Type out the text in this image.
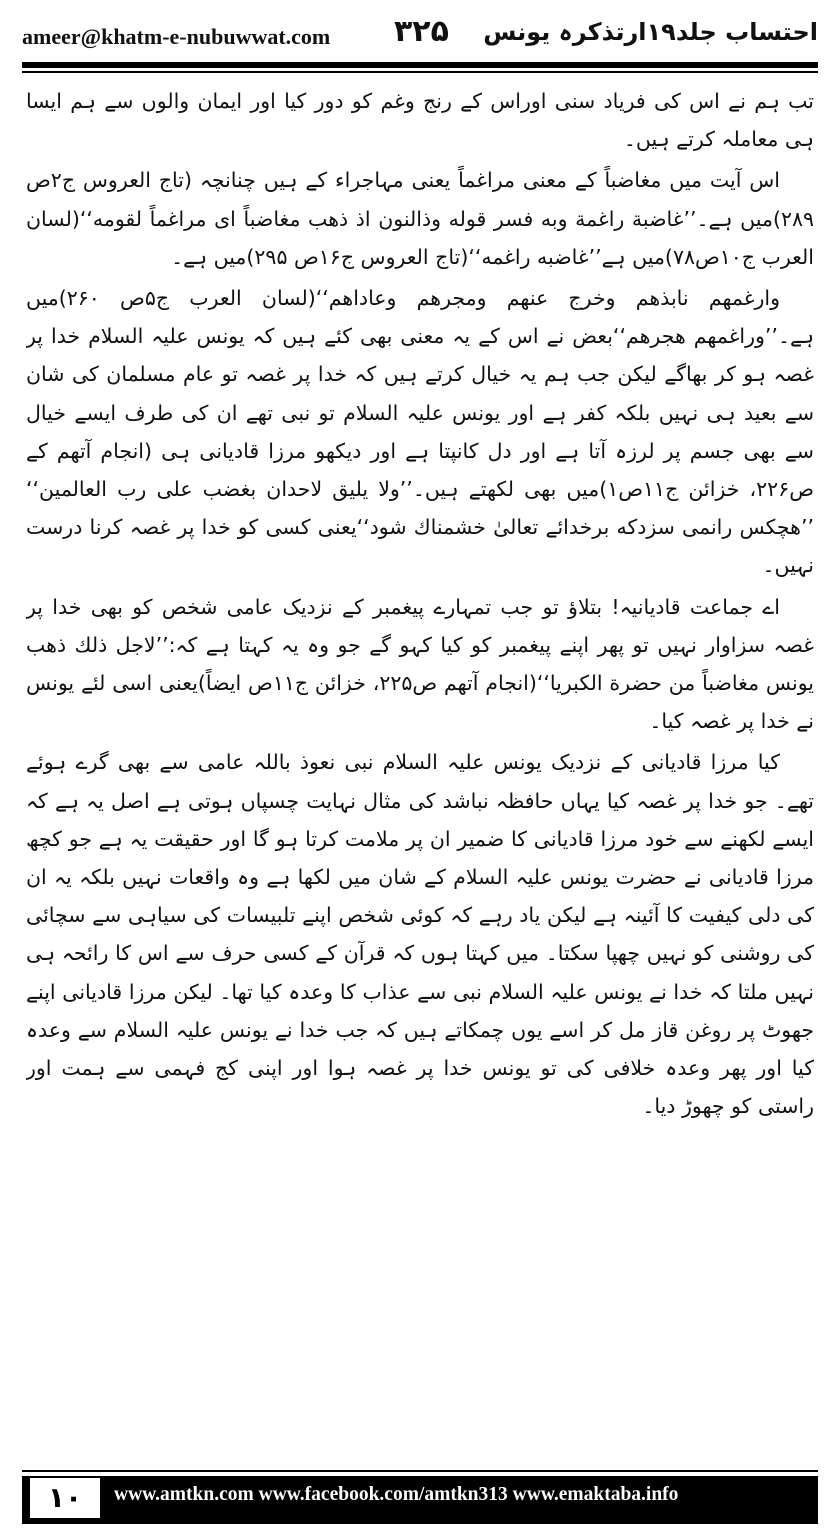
ameer@khatm-e-nubuwwat.com ۳۲۵ احتساب جلد۱۹ارتذکرہ یونس

تب ہم نے اس کی فریاد سنی اوراس کے رنج وغم کو دور کیا اور ایمان والوں سے ہم ایسا ہی معاملہ کرتے ہیں۔

اس آیت میں مغاضباً کے معنی مراغماً یعنی مہاجراء کے ہیں چنانچہ (تاج العروس ج۲ص ۲۸۹)میں ہے۔’’غاضبة راغمة وبه فسر قوله وذالنون اذ ذهب مغاضباً ای مراغماً لقومه‘‘(لسان العرب ج۱۰ص۷۸)میں ہے’’غاضبه راغمه‘‘(تاج العروس ج۱۶ص ۲۹۵)میں ہے۔

وارغمهم نابذهم وخرج عنهم ومجرهم وعاداهم‘‘(لسان العرب ج۵ص ۲۶۰)میں ہے۔’’وراغمهم هجرهم‘‘بعض نے اس کے یہ معنی بھی کئے ہیں کہ یونس علیہ السلام خدا پر غصہ ہو کر بھاگے لیکن جب ہم یہ خیال کرتے ہیں کہ خدا پر غصہ تو عام مسلمان کی شان سے بعید ہی نہیں بلکہ کفر ہے اور یونس علیہ السلام تو نبی تھے ان کی طرف ایسے خیال سے بھی جسم پر لرزہ آتا ہے اور دل کانپتا ہے اور دیکھو مرزا قادیانی ہی (انجام آتھم کے ص۲۲۶، خزائن ج۱۱ص۱)میں بھی لکھتے ہیں۔’’ولا یلیق لاحدان بغضب علی رب العالمین‘‘ ’’هچکس رانمی سزدکه برخدائے تعالیٰ خشمناك شود‘‘یعنی کسی کو خدا پر غصہ کرنا درست نہیں۔

اے جماعت قادیانیہ! بتلاؤ تو جب تمہارے پیغمبر کے نزدیک عامی شخص کو بھی خدا پر غصہ سزاوار نہیں تو پھر اپنے پیغمبر کو کیا کہو گے جو وہ یہ کہتا ہے کہ:’’لاجل ذلك ذهب یونس مغاضباً من حضرة الکبریا‘‘(انجام آتھم ص۲۲۵، خزائن ج۱۱ص ایضاً)یعنی اسی لئے یونس نے خدا پر غصہ کیا۔

کیا مرزا قادیانی کے نزدیک یونس علیہ السلام نبی نعوذ باللہ عامی سے بھی گرے ہوئے تھے۔ جو خدا پر غصہ کیا یہاں حافظہ نباشد کی مثال نہایت چسپاں ہوتی ہے اصل یہ ہے کہ ایسے لکھنے سے خود مرزا قادیانی کا ضمیر ان پر ملامت کرتا ہو گا اور حقیقت یہ ہے جو کچھ مرزا قادیانی نے حضرت یونس علیہ السلام کے شان میں لکھا ہے وہ واقعات نہیں بلکہ یہ ان کی دلی کیفیت کا آئینہ ہے لیکن یاد رہے کہ کوئی شخص اپنے تلبیسات کی سیاہی سے سچائی کی روشنی کو نہیں چھپا سکتا۔ میں کہتا ہوں کہ قرآن کے کسی حرف سے اس کا رائحہ ہی نہیں ملتا کہ خدا نے یونس علیہ السلام نبی سے عذاب کا وعدہ کیا تھا۔ لیکن مرزا قادیانی اپنے جھوٹ پر روغن قاز مل کر اسے یوں چمکاتے ہیں کہ جب خدا نے یونس علیہ السلام سے وعدہ کیا اور پھر وعدہ خلافی کی تو یونس خدا پر غصہ ہوا اور اپنی کج فہمی سے ہمت اور راستی کو چھوڑ دیا۔

۱۰	www.amtkn.com www.facebook.com/amtkn313 www.emaktaba.info
